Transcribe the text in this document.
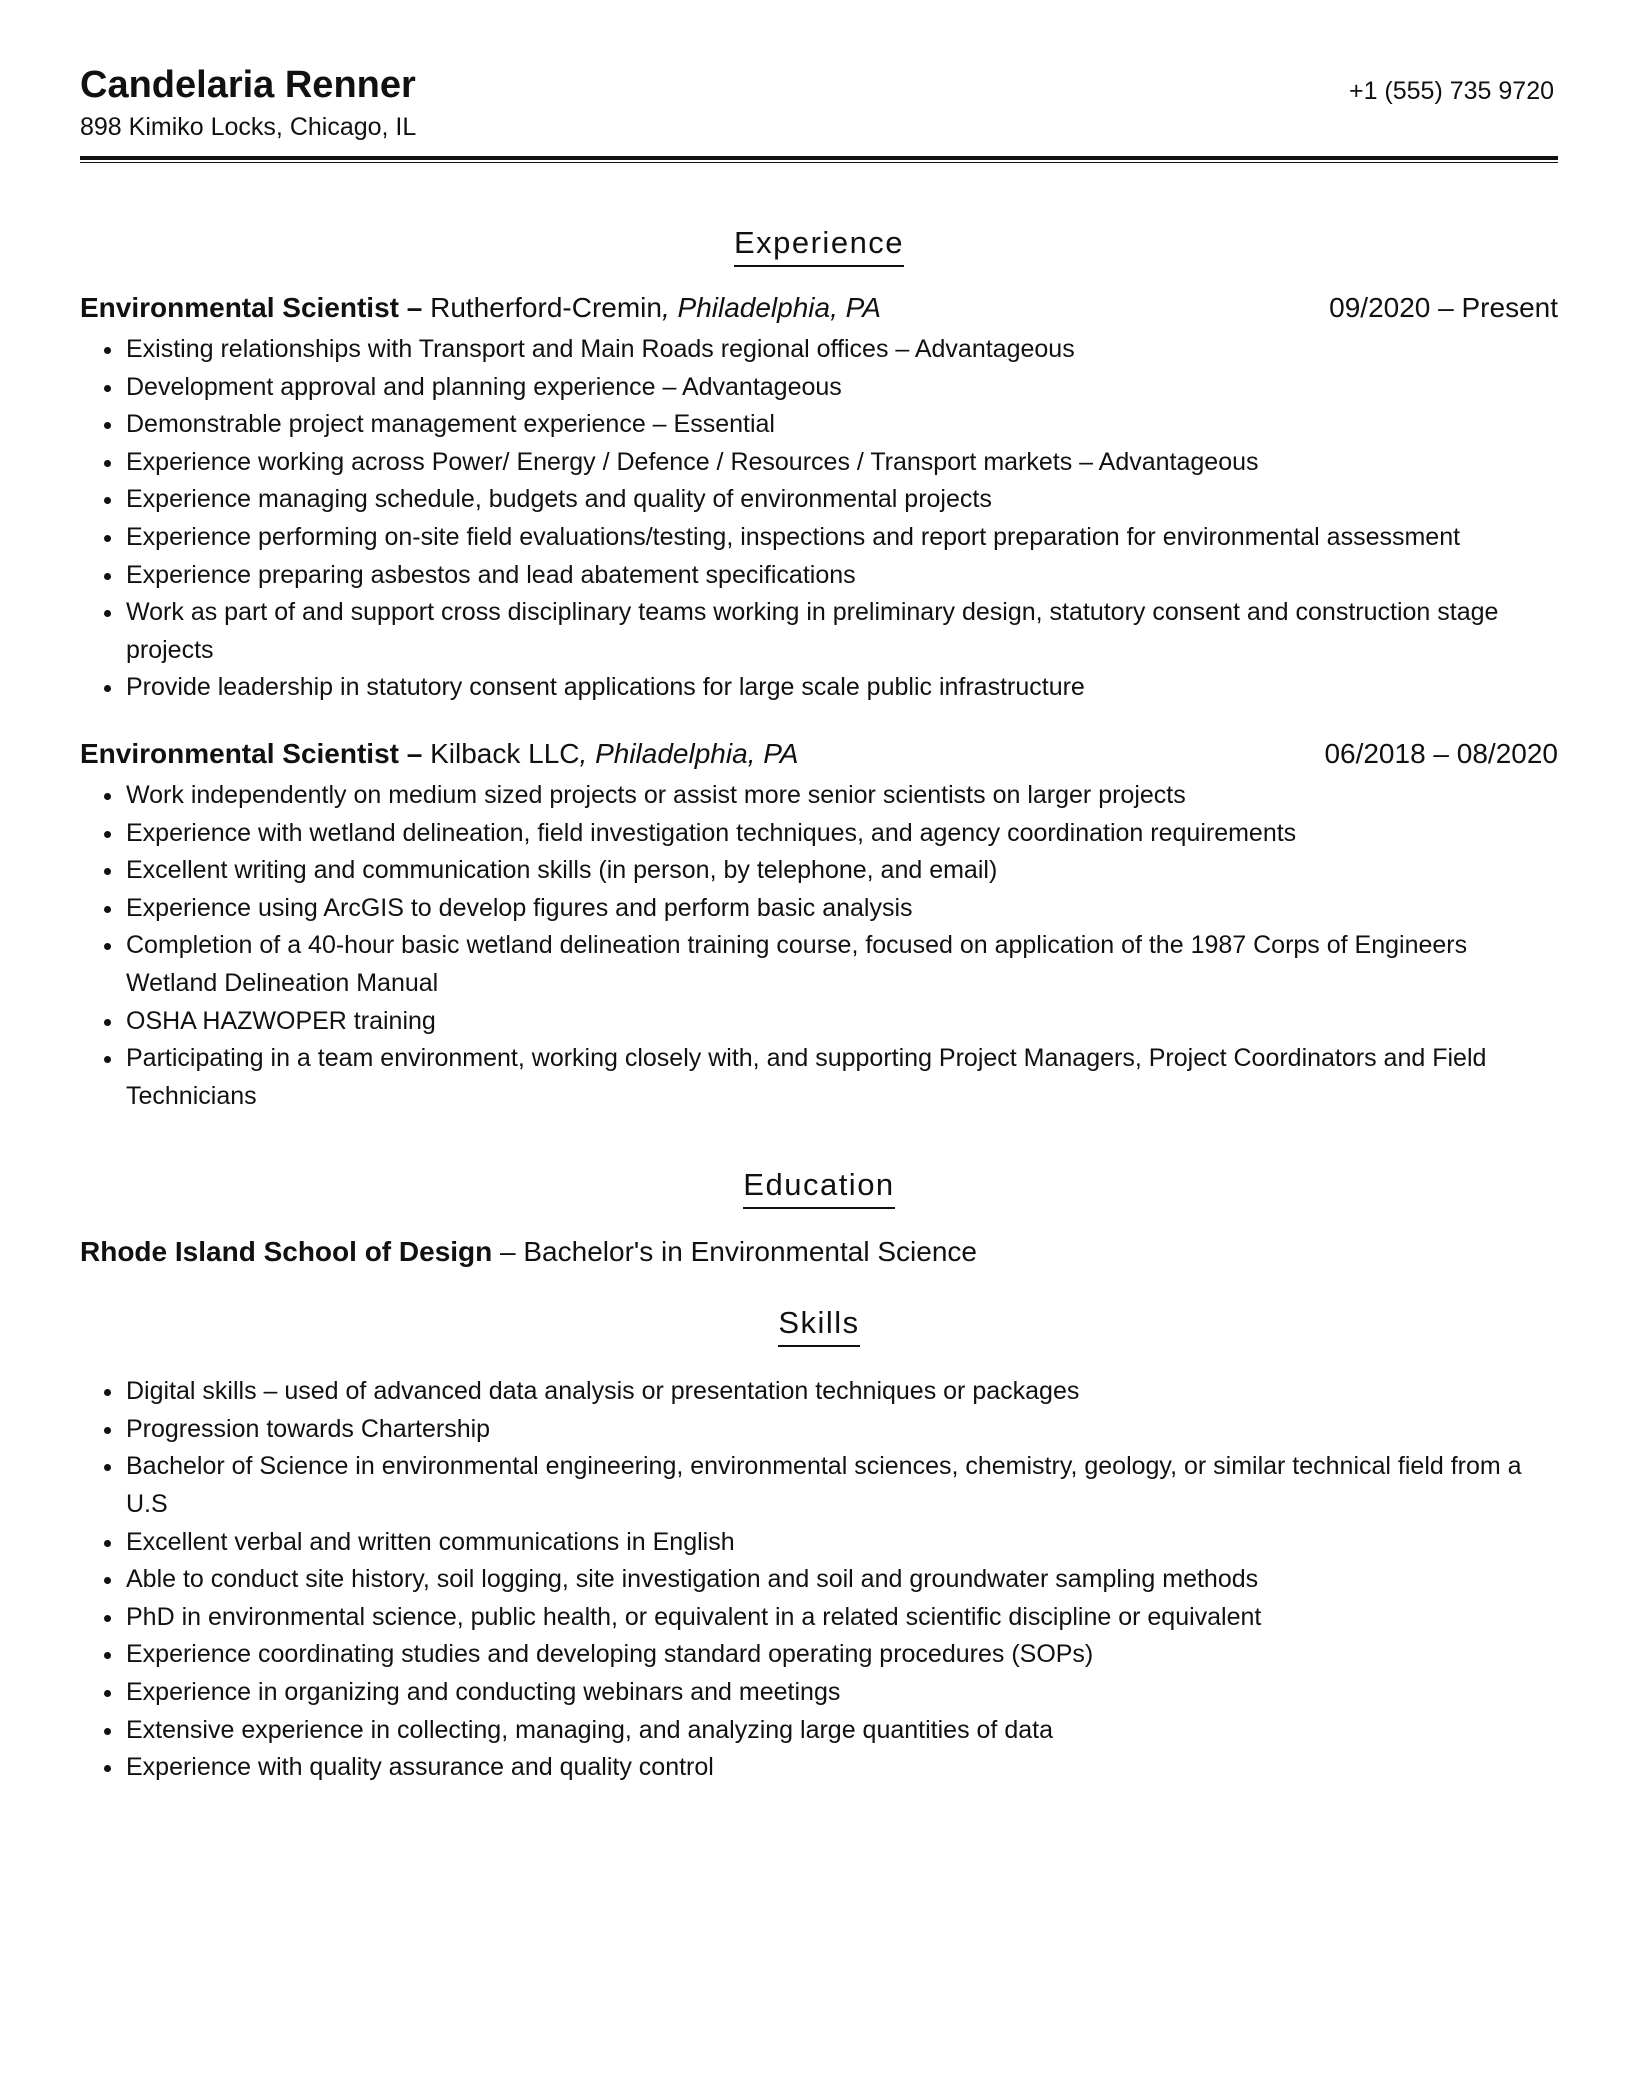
Candelaria Renner
898 Kimiko Locks, Chicago, IL
+1 (555) 735 9720
Experience
Environmental Scientist – Rutherford-Cremin, Philadelphia, PA	09/2020 – Present
• Existing relationships with Transport and Main Roads regional offices – Advantageous
• Development approval and planning experience – Advantageous
• Demonstrable project management experience – Essential
• Experience working across Power/ Energy / Defence / Resources / Transport markets – Advantageous
• Experience managing schedule, budgets and quality of environmental projects
• Experience performing on-site field evaluations/testing, inspections and report preparation for environmental assessment
• Experience preparing asbestos and lead abatement specifications
• Work as part of and support cross disciplinary teams working in preliminary design, statutory consent and construction stage projects
• Provide leadership in statutory consent applications for large scale public infrastructure
Environmental Scientist – Kilback LLC, Philadelphia, PA	06/2018 – 08/2020
• Work independently on medium sized projects or assist more senior scientists on larger projects
• Experience with wetland delineation, field investigation techniques, and agency coordination requirements
• Excellent writing and communication skills (in person, by telephone, and email)
• Experience using ArcGIS to develop figures and perform basic analysis
• Completion of a 40-hour basic wetland delineation training course, focused on application of the 1987 Corps of Engineers Wetland Delineation Manual
• OSHA HAZWOPER training
• Participating in a team environment, working closely with, and supporting Project Managers, Project Coordinators and Field Technicians
Education
Rhode Island School of Design – Bachelor's in Environmental Science
Skills
• Digital skills – used of advanced data analysis or presentation techniques or packages
• Progression towards Chartership
• Bachelor of Science in environmental engineering, environmental sciences, chemistry, geology, or similar technical field from a U.S
• Excellent verbal and written communications in English
• Able to conduct site history, soil logging, site investigation and soil and groundwater sampling methods
• PhD in environmental science, public health, or equivalent in a related scientific discipline or equivalent
• Experience coordinating studies and developing standard operating procedures (SOPs)
• Experience in organizing and conducting webinars and meetings
• Extensive experience in collecting, managing, and analyzing large quantities of data
• Experience with quality assurance and quality control
